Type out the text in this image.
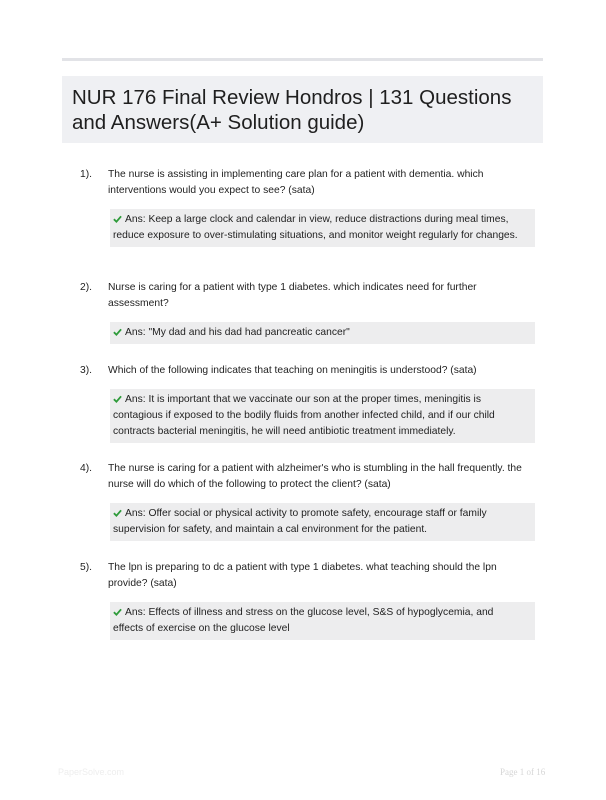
NUR 176 Final Review Hondros | 131 Questions and Answers(A+ Solution guide)
1).	The nurse is assisting in implementing care plan for a patient with dementia. which interventions would you expect to see? (sata)
Ans: Keep a large clock and calendar in view, reduce distractions during meal times, reduce exposure to over-stimulating situations, and monitor weight regularly for changes.
2).	Nurse is caring for a patient with type 1 diabetes. which indicates need for further assessment?
Ans: "My dad and his dad had pancreatic cancer"
3).	Which of the following indicates that teaching on meningitis is understood? (sata)
Ans: It is important that we vaccinate our son at the proper times, meningitis is contagious if exposed to the bodily fluids from another infected child, and if our child contracts bacterial meningitis, he will need antibiotic treatment immediately.
4).	The nurse is caring for a patient with alzheimer's who is stumbling in the hall frequently. the nurse will do which of the following to protect the client? (sata)
Ans: Offer social or physical activity to promote safety, encourage staff or family supervision for safety, and maintain a cal environment for the patient.
5).	The lpn is preparing to dc a patient with type 1 diabetes. what teaching should the lpn provide? (sata)
Ans: Effects of illness and stress on the glucose level, S&S of hypoglycemia, and effects of exercise on the glucose level
PaperSolve.com	Page 1 of 16
